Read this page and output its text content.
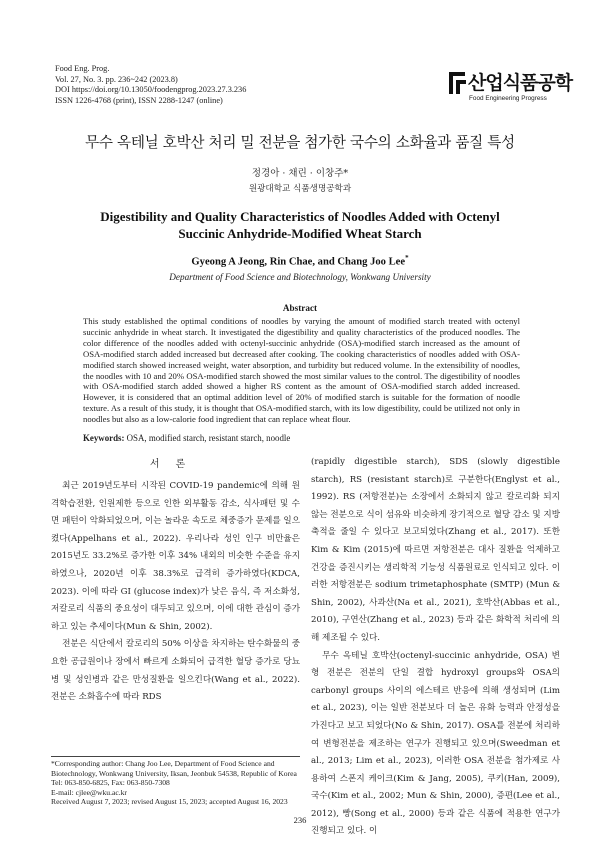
Food Eng. Prog.
Vol. 27, No. 3. pp. 236~242 (2023.8)
DOI https://doi.org/10.13050/foodengprog.2023.27.3.236
ISSN 1226-4768 (print), ISSN 2288-1247 (online)
산업식품공학
Food Engineering Progress
무수 옥테닐 호박산 처리 밀 전분을 첨가한 국수의 소화율과 품질 특성
정경아 · 채린 · 이창주*
원광대학교 식품생명공학과
Digestibility and Quality Characteristics of Noodles Added with Octenyl
Succinic Anhydride-Modified Wheat Starch
Gyeong A Jeong, Rin Chae, and Chang Joo Lee*
Department of Food Science and Biotechnology, Wonkwang University
Abstract
This study established the optimal conditions of noodles by varying the amount of modified starch treated with octenyl succinic anhydride in wheat starch. It investigated the digestibility and quality characteristics of the produced noodles. The color difference of the noodles added with octenyl-succinic anhydride (OSA)-modified starch increased as the amount of OSA-modified starch added increased but decreased after cooking. The cooking characteristics of noodles added with OSA-modified starch showed increased weight, water absorption, and turbidity but reduced volume. In the extensibility of noodles, the noodles with 10 and 20% OSA-modified starch showed the most similar values to the control. The digestibility of noodles with OSA-modified starch added showed a higher RS content as the amount of OSA-modified starch added increased. However, it is considered that an optimal addition level of 20% of modified starch is suitable for the formation of noodle texture. As a result of this study, it is thought that OSA-modified starch, with its low digestibility, could be utilized not only in noodles but also as a low-calorie food ingredient that can replace wheat flour.
Keywords: OSA, modified starch, resistant starch, noodle
서론

최근 2019년도부터 시작된 COVID-19 pandemic에 의해 원격학습전환, 인원제한 등으로 인한 외부활동 감소, 식사패턴 및 수면 패턴이 악화되었으며, 이는 놀라운 속도로 체중증가 문제를 일으켰다(Appelhans et al., 2022). 우리나라 성인 인구 비만율은 2015년도 33.2%로 증가한 이후 34% 내외의 비슷한 수준을 유지하였으나, 2020년 이후 38.3%로 급격히 증가하였다(KDCA, 2023). 이에 따라 GI (glucose index)가 낮은 음식, 즉 저소화성, 저칼로리 식품의 중요성이 대두되고 있으며, 이에 대한 관심이 증가하고 있는 추세이다(Mun & Shin, 2002).

전분은 식단에서 칼로리의 50% 이상을 차지하는 탄수화물의 중요한 공급원이나 장에서 빠르게 소화되어 급격한 혈당 증가로 당뇨병 및 성인병과 같은 만성질환을 일으킨다(Wang et al., 2022). 전분은 소화흡수에 따라 RDS

(rapidly digestible starch), SDS (slowly digestible starch), RS (resistant starch)로 구분한다(Englyst et al., 1992). RS (저항전분)는 소장에서 소화되지 않고 칼로리화 되지 않는 전분으로 식이 섬유와 비슷하게 장기적으로 혈당 감소 및 지방 축적을 줄일 수 있다고 보고되었다(Zhang et al., 2017). 또한 Kim & Kim (2015)에 따르면 저항전분은 대사 질환을 억제하고 건강을 증진시키는 생리학적 기능성 식품원료로 인식되고 있다. 이러한 저항전분은 sodium trimetaphosphate (SMTP) (Mun & Shin, 2002), 사과산(Na et al., 2021), 호박산(Abbas et al., 2010), 구연산(Zhang et al., 2023) 등과 같은 화학적 처리에 의해 제조될 수 있다.

무수 옥테닐 호박산(octenyl-succinic anhydride, OSA) 변형 전분은 전분의 단일 결합 hydroxyl groups와 OSA의 carbonyl groups 사이의 에스테르 반응에 의해 생성되며 (Lim et al., 2023), 이는 일반 전분보다 더 높은 유화 능력과 안정성을 가진다고 보고 되었다(No & Shin, 2017). OSA를 전분에 처리하여 변형전분을 제조하는 연구가 진행되고 있으며(Sweedman et al., 2013; Lim et al., 2023), 이러한 OSA 전분을 첨가제로 사용하여 스폰지 케이크(Kim & Jang, 2005), 쿠키(Han, 2009), 국수(Kim et al., 2002; Mun & Shin, 2000), 증편(Lee et al., 2012), 빵(Song et al., 2000) 등과 같은 식품에 적용한 연구가 진행되고 있다. 이

*Corresponding author: Chang Joo Lee, Department of Food Science and Biotechnology, Wonkwang University, Iksan, Jeonbuk 54538, Republic of Korea
Tel: 063-850-6825, Fax: 063-850-7308
E-mail: cjlee@wku.ac.kr
Received August 7, 2023; revised August 15, 2023; accepted August 16, 2023
236
